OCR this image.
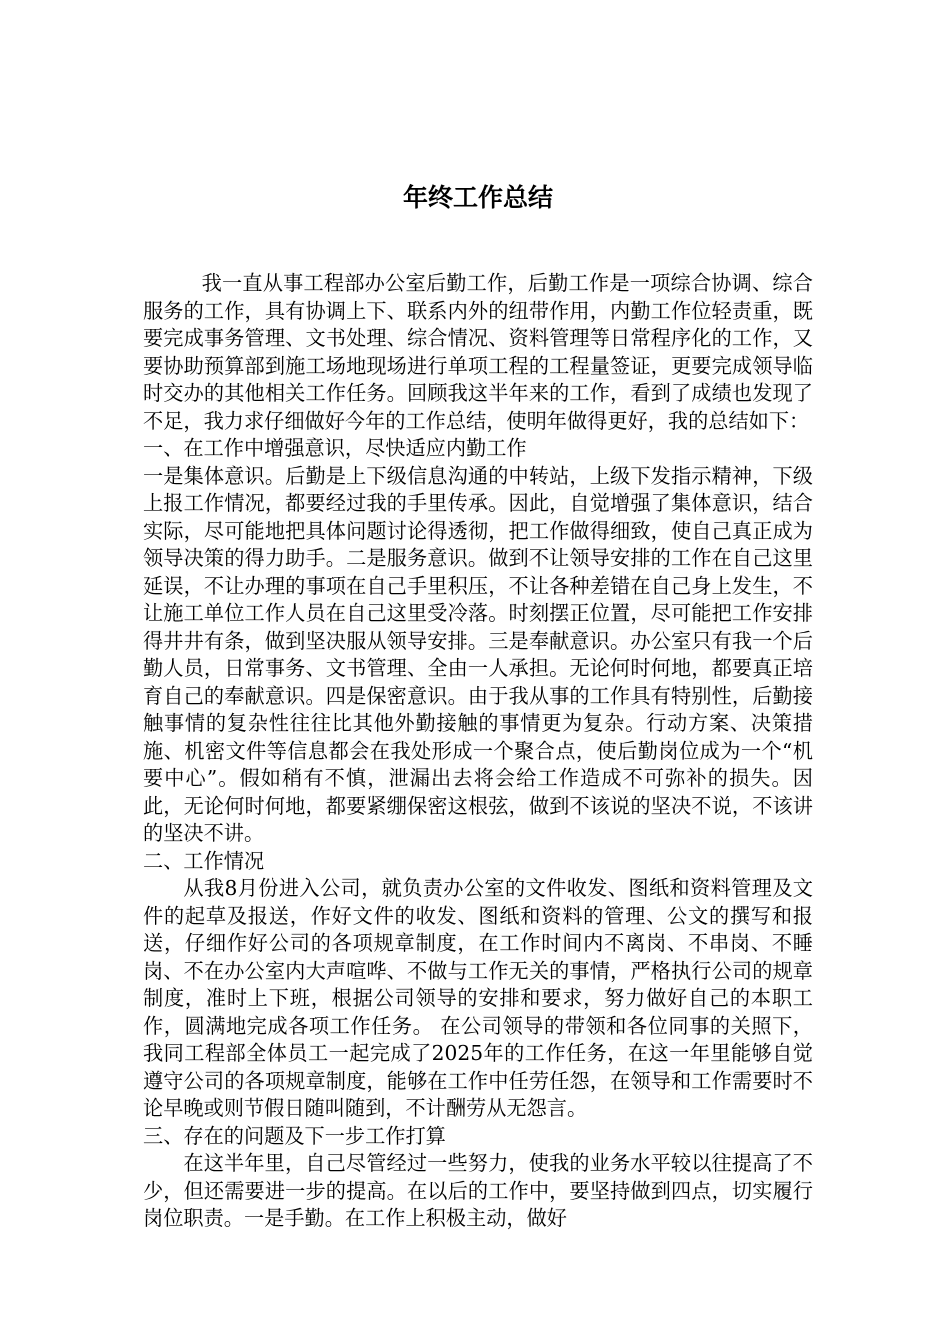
年终工作总结

我一直从事工程部办公室后勤工作，后勤工作是一项综合协调、综合服务的工作，具有协调上下、联系内外的纽带作用，内勤工作位轻责重，既要完成事务管理、文书处理、综合情况、资料管理等日常程序化的工作，又要协助预算部到施工场地现场进行单项工程的工程量签证，更要完成领导临时交办的其他相关工作任务。回顾我这半年来的工作，看到了成绩也发现了不足，我力求仔细做好今年的工作总结，使明年做得更好，我的总结如下：

一、在工作中增强意识，尽快适应内勤工作

一是集体意识。后勤是上下级信息沟通的中转站，上级下发指示精神，下级上报工作情况，都要经过我的手里传承。因此，自觉增强了集体意识，结合实际，尽可能地把具体问题讨论得透彻，把工作做得细致，使自己真正成为领导决策的得力助手。二是服务意识。做到不让领导安排的工作在自己这里延误，不让办理的事项在自己手里积压，不让各种差错在自己身上发生，不让施工单位工作人员在自己这里受冷落。时刻摆正位置，尽可能把工作安排得井井有条，做到坚决服从领导安排。三是奉献意识。办公室只有我一个后勤人员，日常事务、文书管理、全由一人承担。无论何时何地，都要真正培育自己的奉献意识。四是保密意识。由于我从事的工作具有特别性，后勤接触事情的复杂性往往比其他外勤接触的事情更为复杂。行动方案、决策措施、机密文件等信息都会在我处形成一个聚合点，使后勤岗位成为一个“机要中心”。假如稍有不慎，泄漏出去将会给工作造成不可弥补的损失。因此，无论何时何地，都要紧绷保密这根弦，做到不该说的坚决不说，不该讲的坚决不讲。

二、工作情况

从我8月份进入公司，就负责办公室的文件收发、图纸和资料管理及文件的起草及报送，作好文件的收发、图纸和资料的管理、公文的撰写和报送，仔细作好公司的各项规章制度，在工作时间内不离岗、不串岗、不睡岗、不在办公室内大声喧哗、不做与工作无关的事情，严格执行公司的规章制度，准时上下班，根据公司领导的安排和要求，努力做好自己的本职工作，圆满地完成各项工作任务。 在公司领导的带领和各位同事的关照下，我同工程部全体员工一起完成了2025年的工作任务，在这一年里能够自觉遵守公司的各项规章制度，能够在工作中任劳任怨，在领导和工作需要时不论早晚或则节假日随叫随到，不计酬劳从无怨言。

三、存在的问题及下一步工作打算

在这半年里，自己尽管经过一些努力，使我的业务水平较以往提高了不少，但还需要进一步的提高。在以后的工作中，要坚持做到四点，切实履行岗位职责。一是手勤。在工作上积极主动，做好
